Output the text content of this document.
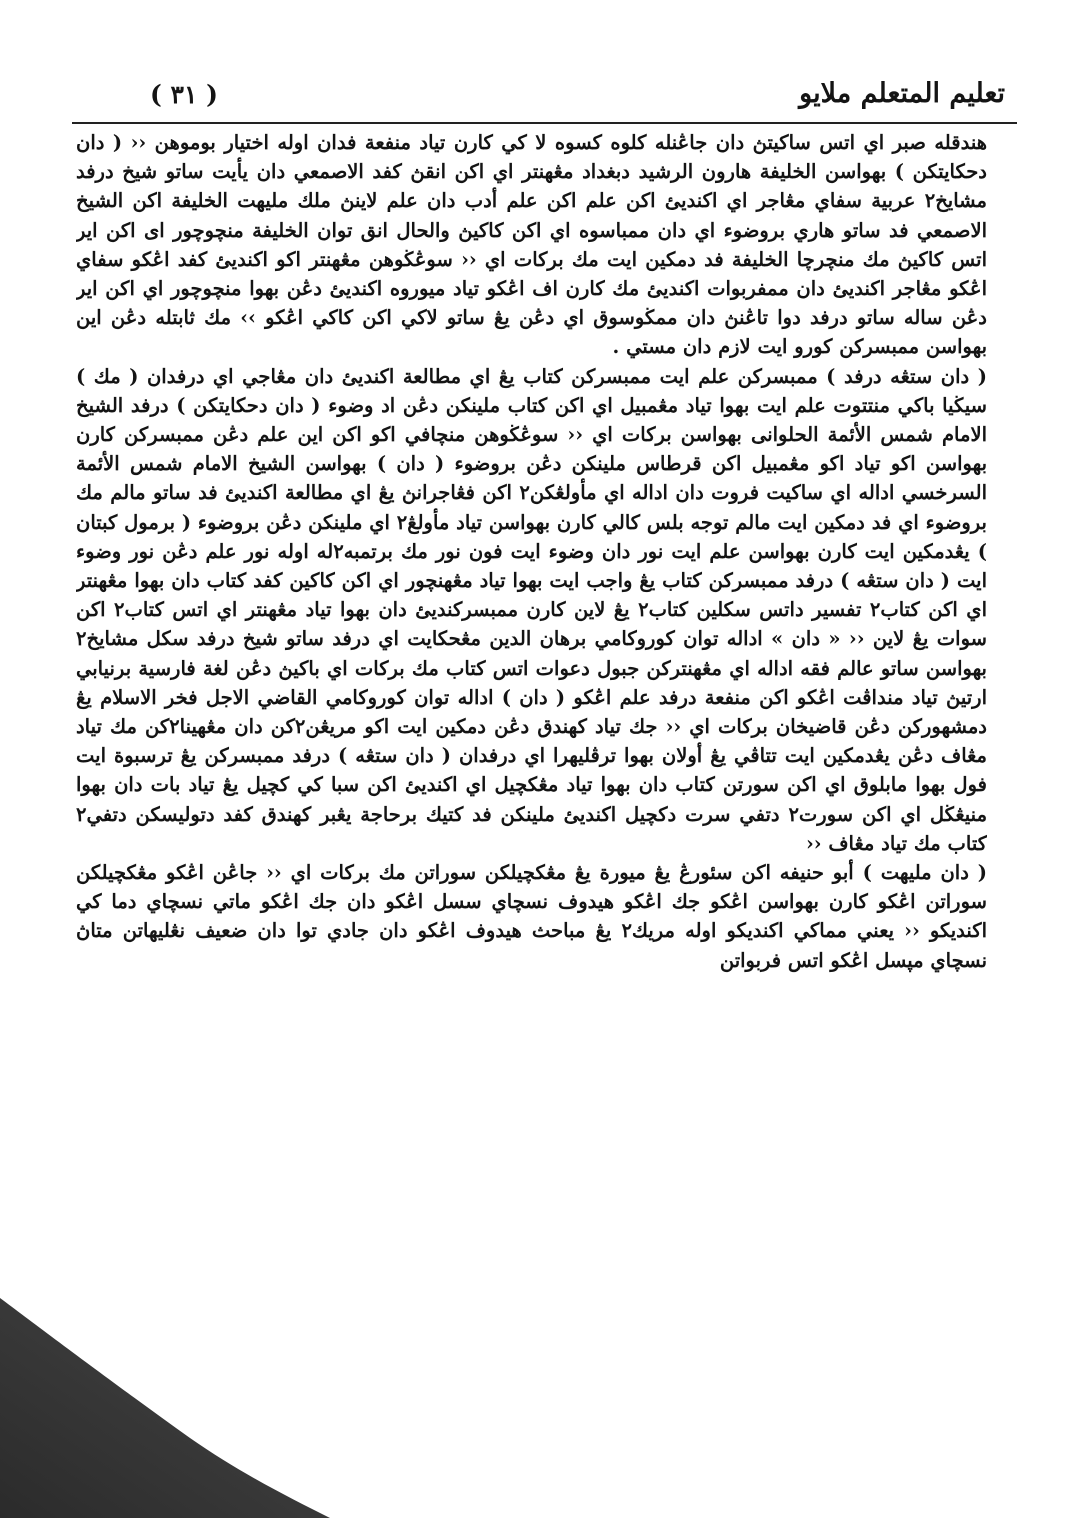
تعليم المتعلم ملايو
( ٣١ )

هندقله صبر اي اتس ساكيتڽ دان جاڠنله كلوه كسوه لا كي كارن تياد منفعة فدان اوله اختيار بوموهن ‹‹ ( دان دحكايتكن ) بهواسن الخليفة هارون الرشيد دبغداد مڠهنتر اي اكن انقڽ كفد الاصمعي دان يأيت ساتو شيخ درفد مشايخ٢ عربية سفاي مڠاجر اي اكنديئ اكن علم اكن علم أدب دان علم لاينڽ ملك مليهت الخليفة اكن الشيخ الاصمعي فد ساتو هاري بروضوء اي دان ممباسوه اي اكن كاكيڽ والحال انق توان الخليفة منچوچور اى اكن اير اتس كاكيڽ مك منچرچا الخليفة فد دمكين ايت مك بركات اي ‹‹ سوڠڬوهن مڠهنتر اكو اكنديئ كفد اڠكو سفاي اڠكو مڠاجر اكنديئ دان ممفربوات اكنديئ مك كارن اف اڠكو تياد ميوروه اكنديئ دڠن بهوا منچوچور اي اكن اير دڠن ساله ساتو درفد دوا تاڠنڽ دان ممڬوسوق اي دڠن يڠ ساتو لاكي اكن كاكي اڠكو ›› مك ثابتله دڠن اين بهواسن ممبسركن كورو ايت لازم دان مستي .

( دان ستڠه درفد ) ممبسركن علم ايت ممبسركن كتاب يڠ اي مطالعة اكنديئ دان مڠاجي اي درفدان ( مك ) سيڬيا باكي منتتوت علم ايت بهوا تياد مڠمبيل اي اكن كتاب ملينكن دڠن اد وضوء ( دان دحكايتكن ) درفد الشيخ الامام شمس الأئمة الحلوانى بهواسن بركات اي ‹‹ سوڠڬوهن منچافي اكو اكن اين علم دڠن ممبسركن كارن بهواسن اكو تياد اكو مڠمبيل اكن قرطاس ملينكن دڠن بروضوء ( دان ) بهواسن الشيخ الامام شمس الأئمة السرخسي اداله اي ساكيت فروت دان اداله اي مأولڠكن٢ اكن فڠاجرانڽ يڠ اي مطالعة اكنديئ فد ساتو مالم مك بروضوء اي فد دمكين ايت مالم توجه بلس كالي كارن بهواسن تياد مأولڠ٢ اي ملينكن دڠن بروضوء ( برمول كبتان ) يڠدمكين ايت كارن بهواسن علم ايت نور دان وضوء ايت فون نور مك برتمبه٢له اوله نور علم دڠن نور وضوء ايت ( دان ستڠه ) درفد ممبسركن كتاب يڠ واجب ايت بهوا تياد مڠهنچور اي اكن كاكين كفد كتاب دان بهوا مڠهنتر اي اكن كتاب٢ تفسير داتس سكلين كتاب٢ يڠ لاين كارن ممبسركنديئ دان بهوا تياد مڠهنتر اي اتس كتاب٢ اكن سوات يڠ لاين ‹‹ « دان » اداله توان كوروكامي برهان الدين مڠحكايت اي درفد ساتو شيخ درفد سكل مشايخ٢ بهواسن ساتو عالم فقه اداله اي مڠهنتركن جبول دعوات اتس كتاب مك بركات اي باكيڽ دڠن لغة فارسية برنيابي ارتيڽ تياد منداڤت اڠكو اكن منفعة درفد علم اڠكو ( دان ) اداله توان كوروكامي القاضي الاجل فخر الاسلام يڠ دمشهوركن دڠن قاضيخان بركات اي ‹‹ جك تياد كهندق دڠن دمكين ايت اكو مريڠن٢كن دان مڠهينا٢كن مك تياد مڠاف دڠن يڠدمكين ايت تتاڤي يڠ أولان بهوا ترڤليهرا اي درفدان ( دان ستڠه ) درفد ممبسركن يڠ ترسبوة ايت فول بهوا مابلوق اي اكن سورتن كتاب دان بهوا تياد مڠكچيل اي اكنديئ اكن سبا كي كچيل يڠ تياد بات دان بهوا منيڠڬل اي اكن سورت٢ دتفي سرت دكچيل اكنديئ ملينكن فد كتيك برحاجة يڠبر كهندق كفد دتوليسكن دتفي٢ كتاب مك تياد مڠاف ‹‹

( دان مليهت ) أبو حنيفه اكن سئورڠ يڠ ميورة يڠ مڠكچيلكن سوراتن مك بركات اي ‹‹ جاڠن اڠكو مڠكچيلكن سوراتن اڠكو كارن بهواسن اڠكو جك اڠكو هيدوف نسچاي سسل اڠكو دان جك اڠكو ماتي نسچاي دما كي اكنديكو ‹‹ يعني مماكي اكنديكو اوله مريك٢ يڠ مباحث هيدوف اڠكو دان جادي توا دان ضعيف نڠليهاتن متاڽ نسچاي مپسل اڠكو اتس فربواتن
